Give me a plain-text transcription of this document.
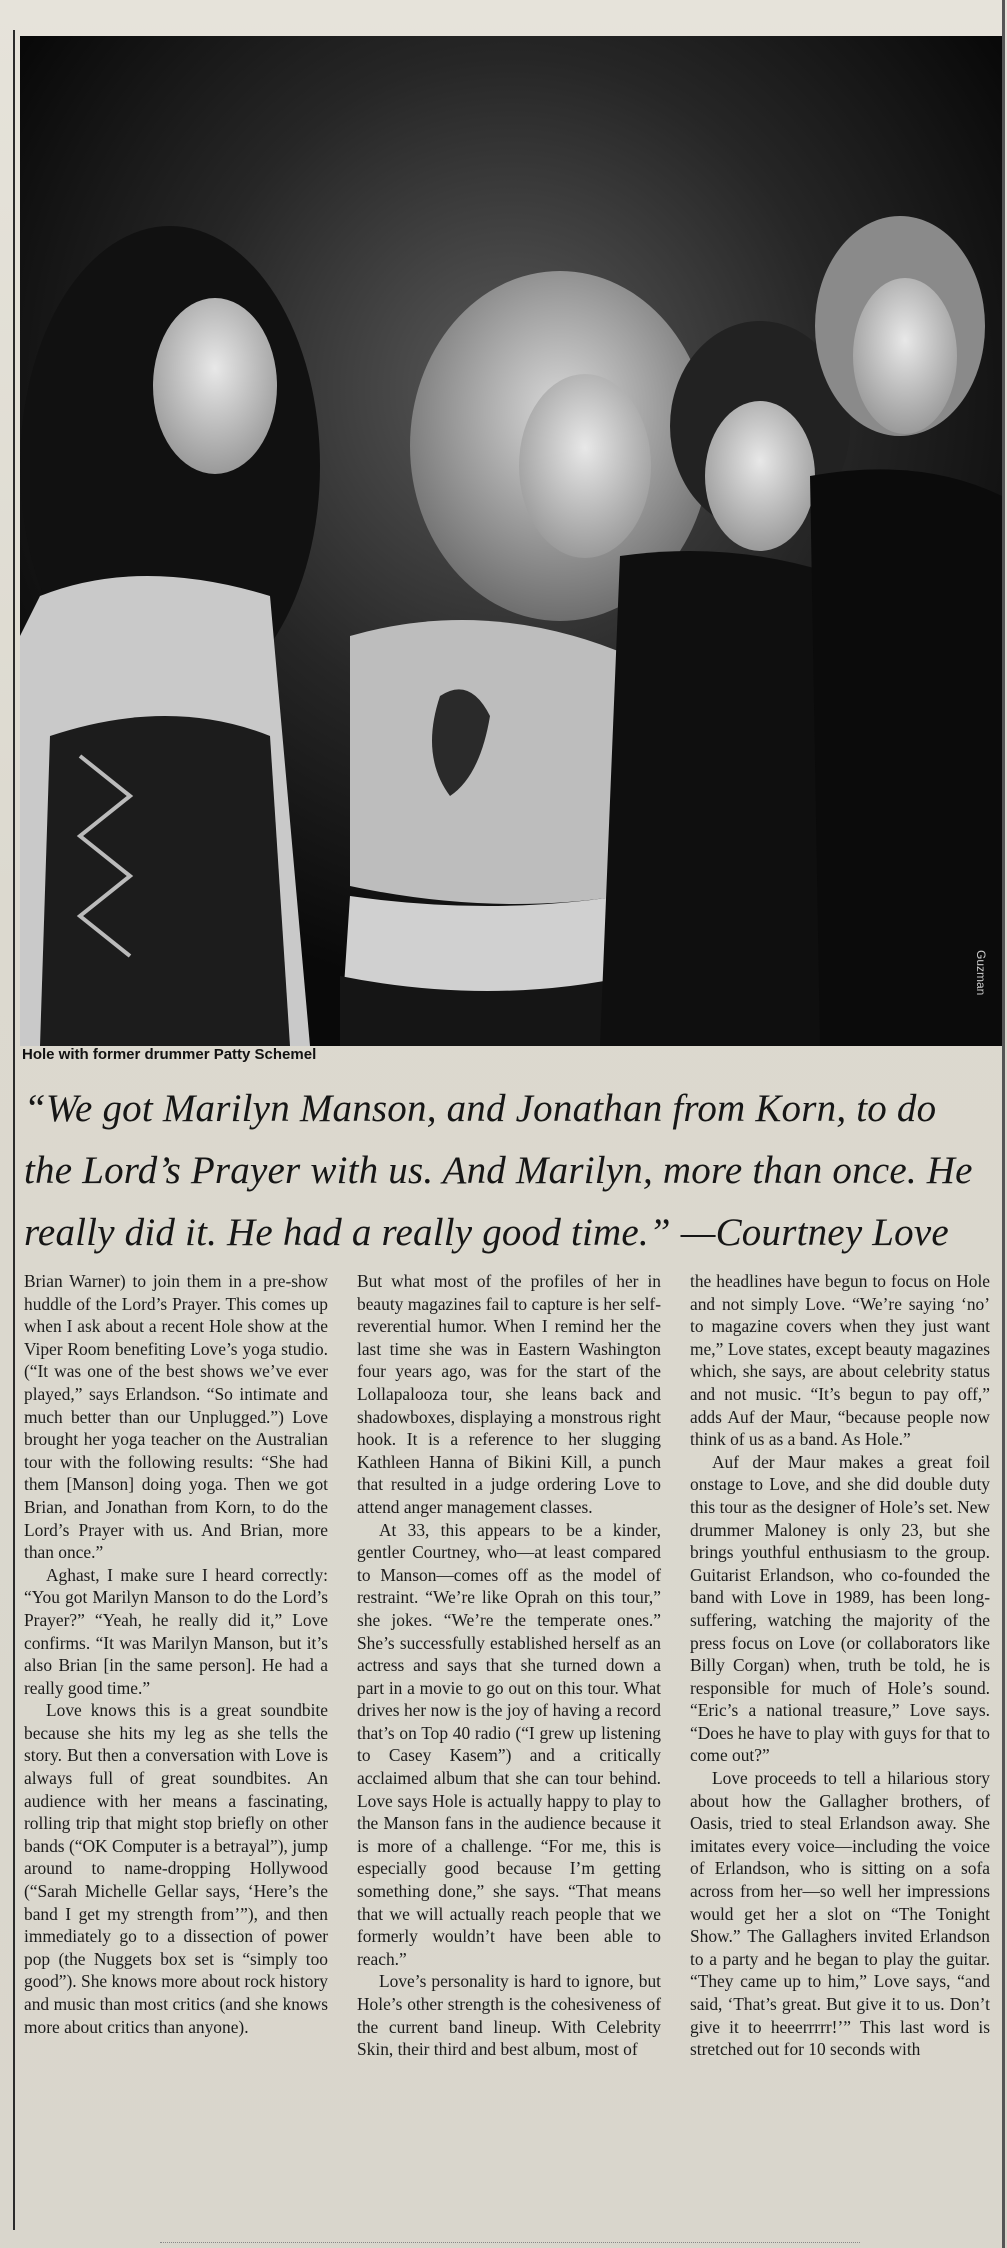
Guzman
Hole with former drummer Patty Schemel
“We got Marilyn Manson, and Jonathan from Korn, to do the Lord’s Prayer with us. And Marilyn, more than once. He really did it. He had a really good time.” —Courtney Love

Brian Warner) to join them in a pre-show huddle of the Lord’s Prayer. This comes up when I ask about a recent Hole show at the Viper Room benefiting Love’s yoga studio. (“It was one of the best shows we’ve ever played,” says Erlandson. “So intimate and much better than our Unplugged.”) Love brought her yoga teacher on the Australian tour with the following results: “She had them [Manson] doing yoga. Then we got Brian, and Jonathan from Korn, to do the Lord’s Prayer with us. And Brian, more than once.”

Aghast, I make sure I heard correctly: “You got Marilyn Manson to do the Lord’s Prayer?” “Yeah, he really did it,” Love confirms. “It was Marilyn Manson, but it’s also Brian [in the same person]. He had a really good time.”

Love knows this is a great soundbite because she hits my leg as she tells the story. But then a conversation with Love is always full of great soundbites. An audience with her means a fascinating, rolling trip that might stop briefly on other bands (“OK Computer is a betrayal”), jump around to name-dropping Hollywood (“Sarah Michelle Gellar says, ‘Here’s the band I get my strength from’”), and then immediately go to a dissection of power pop (the Nuggets box set is “simply too good”). She knows more about rock history and music than most critics (and she knows more about critics than anyone).

But what most of the profiles of her in beauty magazines fail to capture is her self-reverential humor. When I remind her the last time she was in Eastern Washington four years ago, was for the start of the Lollapalooza tour, she leans back and shadowboxes, displaying a monstrous right hook. It is a reference to her slugging Kathleen Hanna of Bikini Kill, a punch that resulted in a judge ordering Love to attend anger management classes.

At 33, this appears to be a kinder, gentler Courtney, who—at least compared to Manson—comes off as the model of restraint. “We’re like Oprah on this tour,” she jokes. “We’re the temperate ones.” She’s successfully established herself as an actress and says that she turned down a part in a movie to go out on this tour. What drives her now is the joy of having a record that’s on Top 40 radio (“I grew up listening to Casey Kasem”) and a critically acclaimed album that she can tour behind. Love says Hole is actually happy to play to the Manson fans in the audience because it is more of a challenge. “For me, this is especially good because I’m getting something done,” she says. “That means that we will actually reach people that we formerly wouldn’t have been able to reach.”

Love’s personality is hard to ignore, but Hole’s other strength is the cohesiveness of the current band lineup. With Celebrity Skin, their third and best album, most of

the headlines have begun to focus on Hole and not simply Love. “We’re saying ‘no’ to magazine covers when they just want me,” Love states, except beauty magazines which, she says, are about celebrity status and not music. “It’s begun to pay off,” adds Auf der Maur, “because people now think of us as a band. As Hole.”

Auf der Maur makes a great foil onstage to Love, and she did double duty this tour as the designer of Hole’s set. New drummer Maloney is only 23, but she brings youthful enthusiasm to the group. Guitarist Erlandson, who co-founded the band with Love in 1989, has been long-suffering, watching the majority of the press focus on Love (or collaborators like Billy Corgan) when, truth be told, he is responsible for much of Hole’s sound. “Eric’s a national treasure,” Love says. “Does he have to play with guys for that to come out?”

Love proceeds to tell a hilarious story about how the Gallagher brothers, of Oasis, tried to steal Erlandson away. She imitates every voice—including the voice of Erlandson, who is sitting on a sofa across from her—so well her impressions would get her a slot on “The Tonight Show.” The Gallaghers invited Erlandson to a party and he began to play the guitar. “They came up to him,” Love says, “and said, ‘That’s great. But give it to us. Don’t give it to heeerrrrr!’” This last word is stretched out for 10 seconds with
